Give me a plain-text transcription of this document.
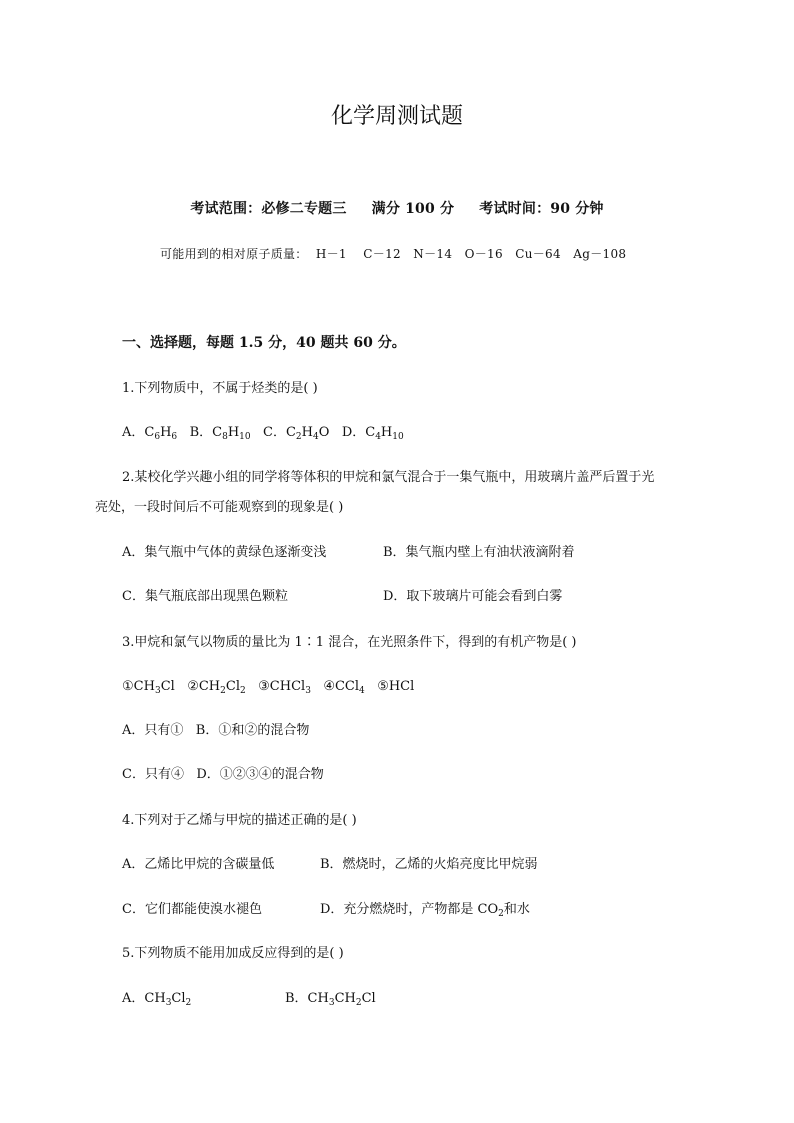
化学周测试题
考试范围：必修二专题三 满分 100 分 考试时间：90 分钟
可能用到的相对原子质量：  H－1    C－12   N－14   O－16   Cu－64   Ag－108
一、选择题，每题 1.5 分，40 题共 60 分。
1.下列物质中，不属于烃类的是( )
A．$C_6H_6$ B．$C_8H_{10}$ C．$C_2H_4O$ D．$C_4H_{10}$
2.某校化学兴趣小组的同学将等体积的甲烷和氯气混合于一集气瓶中，用玻璃片盖严后置于光
亮处，一段时间后不可能观察到的现象是( )
A．集气瓶中气体的黄绿色逐渐变浅	B．集气瓶内壁上有油状液滴附着
C．集气瓶底部出现黑色颗粒	D．取下玻璃片可能会看到白雾
3.甲烷和氯气以物质的量比为 1∶1 混合，在光照条件下，得到的有机产物是( )
$①CH_3Cl$ $②CH_2Cl_2$ ③CHCl$_3$ ④CCl$_4$ ⑤HCl
A．只有①   B．①和②的混合物
C．只有④   D．①②③④的混合物
4.下列对于乙烯与甲烷的描述正确的是( )
A．乙烯比甲烷的含碳量低	B．燃烧时，乙烯的火焰亮度比甲烷弱
C．它们都能使溴水褪色	D．充分燃烧时，产物都是 $CO_2$和水
5.下列物质不能用加成反应得到的是( )
A．$CH_3Cl_2$	B．$CH_3CH_2Cl$
